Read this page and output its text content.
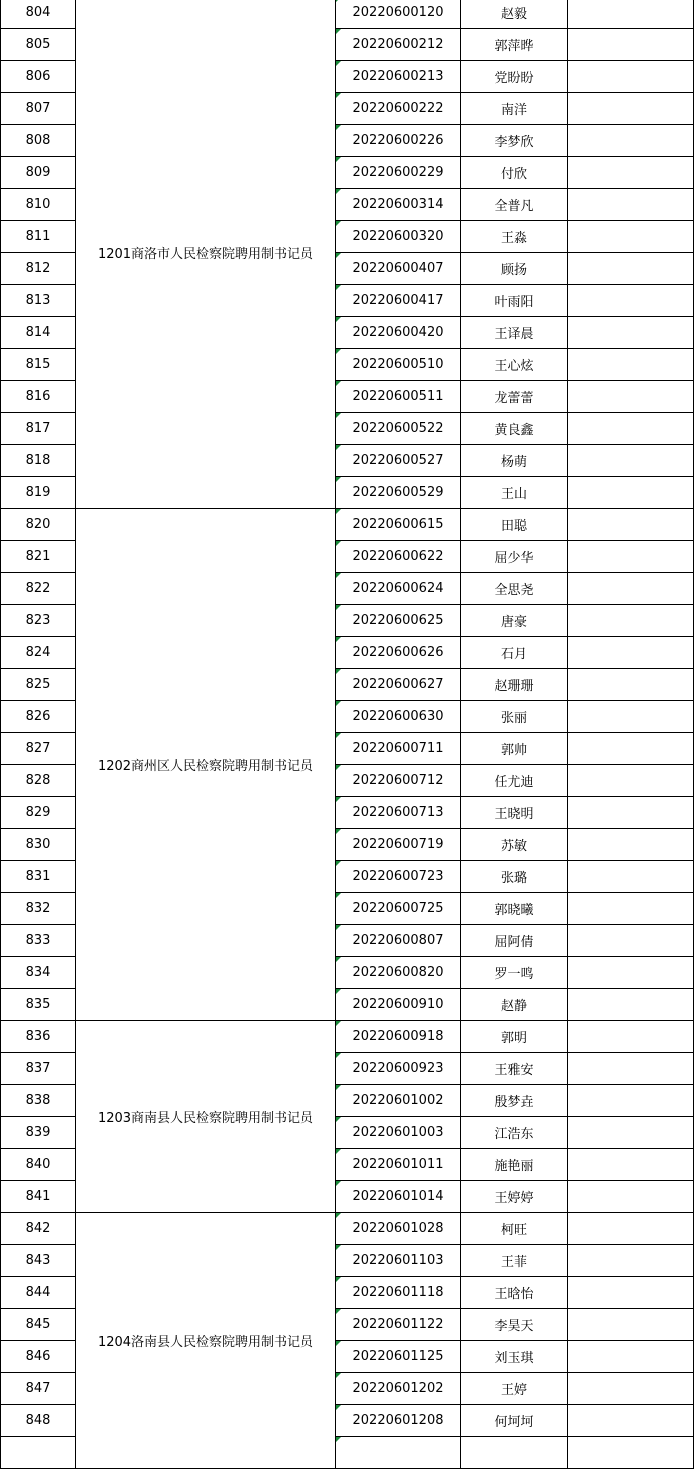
804	1201商洛市人民检察院聘用制书记员	20220600120	赵毅	
805		20220600212	郭萍晔	
806		20220600213	党盼盼	
807		20220600222	南洋	
808		20220600226	李梦欣	
809		20220600229	付欣	
810		20220600314	全普凡	
811		20220600320	王淼	
812		20220600407	顾扬	
813		20220600417	叶雨阳	
814		20220600420	王译晨	
815		20220600510	王心炫	
816		20220600511	龙蕾蕾	
817		20220600522	黄良鑫	
818		20220600527	杨萌	
819		20220600529	王山	
820	1202商州区人民检察院聘用制书记员	20220600615	田聪	
821		20220600622	屈少华	
822		20220600624	全思尧	
823		20220600625	唐豪	
824		20220600626	石月	
825		20220600627	赵珊珊	
826		20220600630	张丽	
827		20220600711	郭帅	
828		20220600712	任尤迪	
829		20220600713	王晓明	
830		20220600719	苏敏	
831		20220600723	张璐	
832		20220600725	郭晓曦	
833		20220600807	屈阿倩	
834		20220600820	罗一鸣	
835		20220600910	赵静	
836	1203商南县人民检察院聘用制书记员	20220600918	郭明	
837		20220600923	王雅安	
838		20220601002	殷梦垚	
839		20220601003	江浩东	
840		20220601011	施艳丽	
841		20220601014	王婷婷	
842	1204洛南县人民检察院聘用制书记员	20220601028	柯旺	
843		20220601103	王菲	
844		20220601118	王晗怡	
845		20220601122	李昊天	
846		20220601125	刘玉琪	
847		20220601202	王婷	
848		20220601208	何坷坷	
